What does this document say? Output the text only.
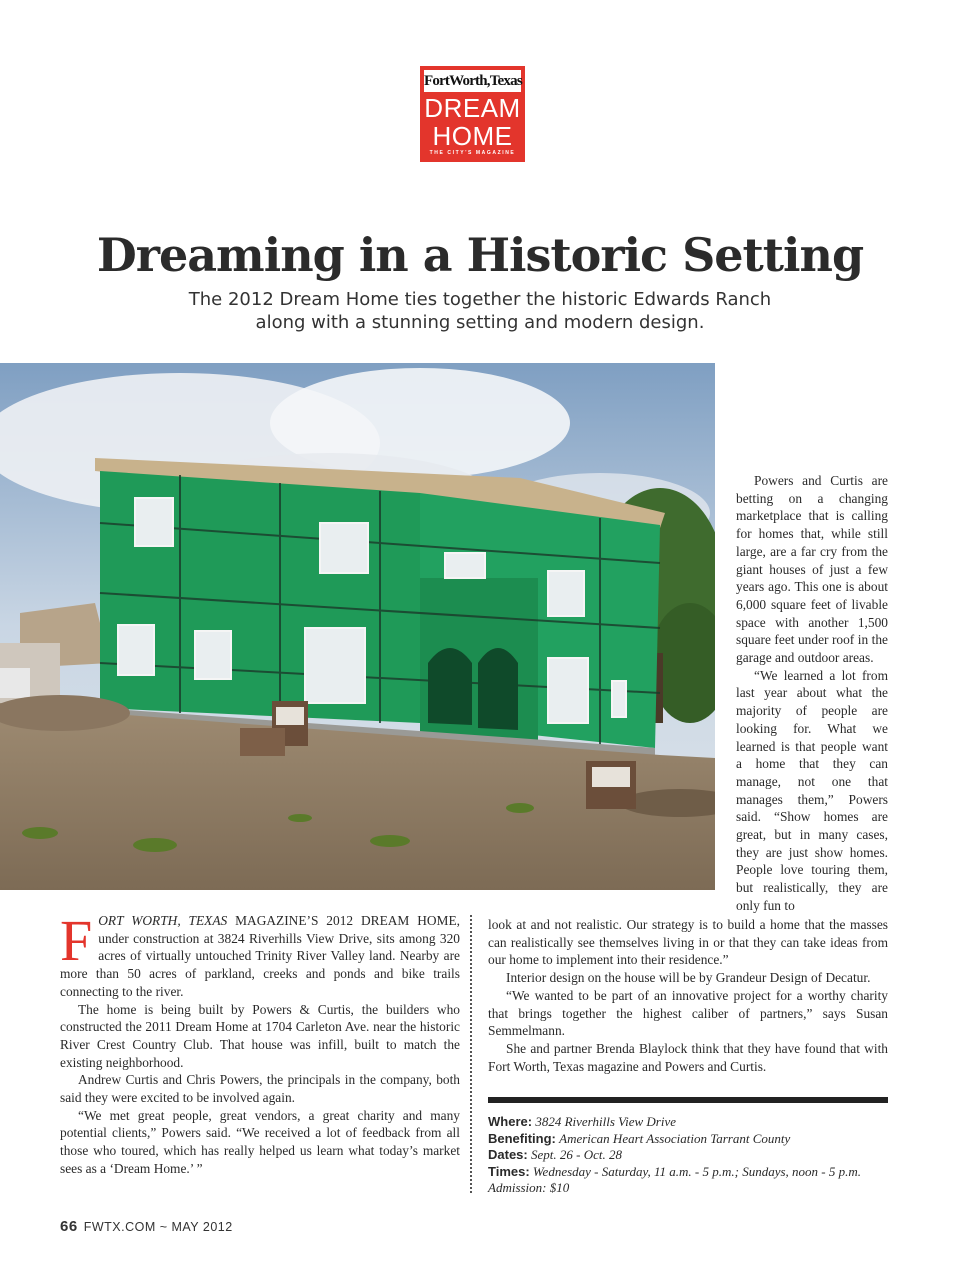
FortWorth,Texas
DREAM
HOME
THE CITY'S MAGAZINE
Dreaming in a Historic Setting
The 2012 Dream Home ties together the historic Edwards Ranch
along with a stunning setting and modern design.

Powers and Curtis are betting on a changing marketplace that is calling for homes that, while still large, are a far cry from the giant houses of just a few years ago. This one is about 6,000 square feet of livable space with another 1,500 square feet under roof in the garage and outdoor areas.

“We learned a lot from last year about what the majority of people are looking for. What we learned is that people want a home that they can manage, not one that manages them,” Powers said. “Show homes are great, but in many cases, they are just show homes. People love touring them, but realistically, they are only fun to

FORT WORTH, TEXAS MAGAZINE’S 2012 DREAM HOME, under construction at 3824 Riverhills View Drive, sits among 320 acres of virtually untouched Trinity River Valley land. Nearby are more than 50 acres of parkland, creeks and ponds and bike trails connecting to the river.

The home is being built by Powers & Curtis, the builders who constructed the 2011 Dream Home at 1704 Carleton Ave. near the historic River Crest Country Club. That house was infill, built to match the existing neighborhood.

Andrew Curtis and Chris Powers, the principals in the company, both said they were excited to be involved again.

“We met great people, great vendors, a great charity and many potential clients,” Powers said. “We received a lot of feedback from all those who toured, which has really helped us learn what today’s market sees as a ‘Dream Home.’ ”

look at and not realistic. Our strategy is to build a home that the masses can realistically see themselves living in or that they can take ideas from our home to implement into their residence.”

Interior design on the house will be by Grandeur Design of Decatur.

“We wanted to be part of an innovative project for a worthy charity that brings together the highest caliber of partners,” says Susan Semmelmann.

She and partner Brenda Blaylock think that they have found that with Fort Worth, Texas magazine and Powers and Curtis.

Where: 3824 Riverhills View Drive
Benefiting: American Heart Association Tarrant County
Dates: Sept. 26 - Oct. 28
Times: Wednesday - Saturday, 11 a.m. - 5 p.m.; Sundays, noon - 5 p.m.
Admission: $10
66 FWTX.COM ~ MAY 2012
